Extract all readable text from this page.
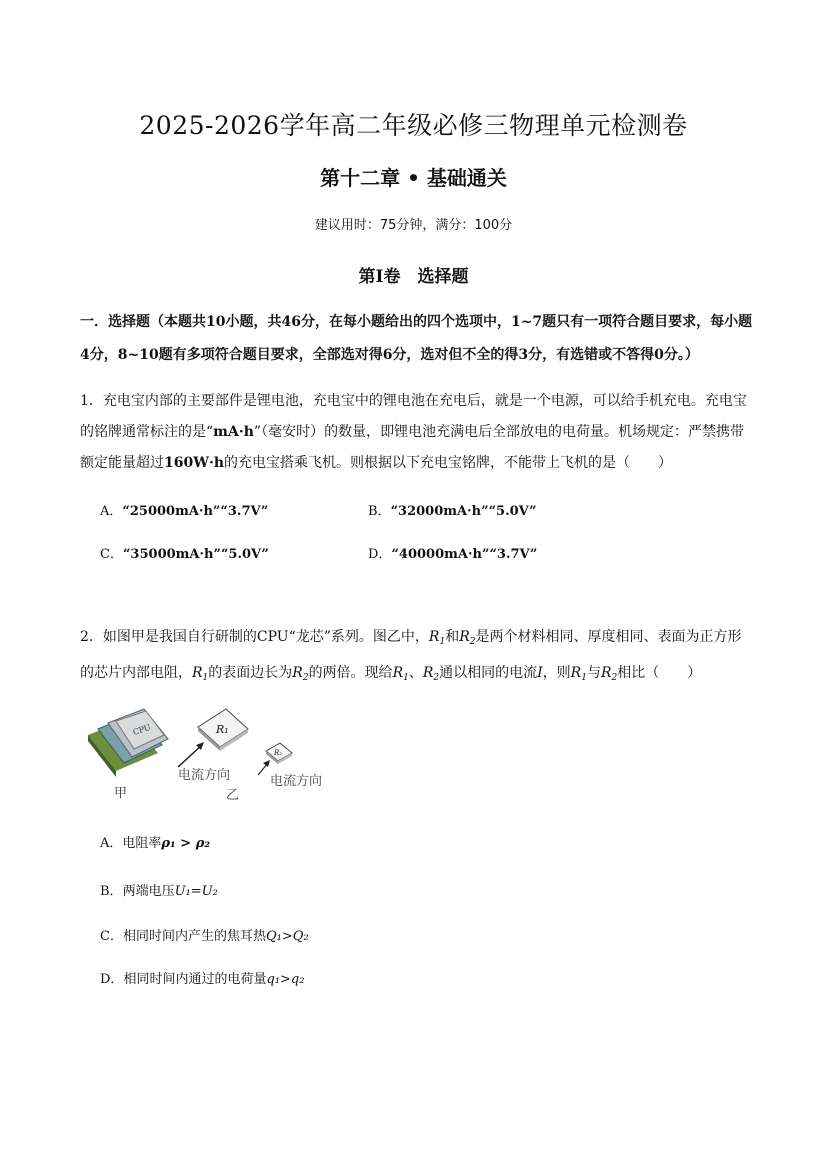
2025-2026学年高二年级必修三物理单元检测卷
第十二章 • 基础通关
建议用时：75分钟，满分：100分
第I卷　选择题
一．选择题（本题共10小题，共46分，在每小题给出的四个选项中，1~7题只有一项符合题目要求，每小题4分，8~10题有多项符合题目要求，全部选对得6分，选对但不全的得3分，有选错或不答得0分。）
1．充电宝内部的主要部件是锂电池，充电宝中的锂电池在充电后，就是一个电源，可以给手机充电。充电宝的铭牌通常标注的是“mA·h”（毫安时）的数量，即锂电池充满电后全部放电的电荷量。机场规定：严禁携带额定能量超过160W·h的充电宝搭乘飞机。则根据以下充电宝铭牌，不能带上飞机的是（　　）
A．“25000mA·h”“3.7V”	B．“32000mA·h”“5.0V”
C．“35000mA·h”“5.0V”	D．“40000mA·h”“3.7V”
2．如图甲是我国自行研制的CPU“龙芯”系列。图乙中，$R_1$和$R_2$是两个材料相同、厚度相同、表面为正方形的芯片内部电阻，$R_1$的表面边长为$R_2$的两倍。现给$R_1$、$R_2$通以相同的电流I，则$R_1$与$R_2$相比（　　）
CPU
甲
R₁
电流方向
乙
R₂
电流方向
A．电阻率ρ₁ > ρ₂
B．两端电压U₁=U₂
C．相同时间内产生的焦耳热Q₁>Q₂
D．相同时间内通过的电荷量q₁>q₂
